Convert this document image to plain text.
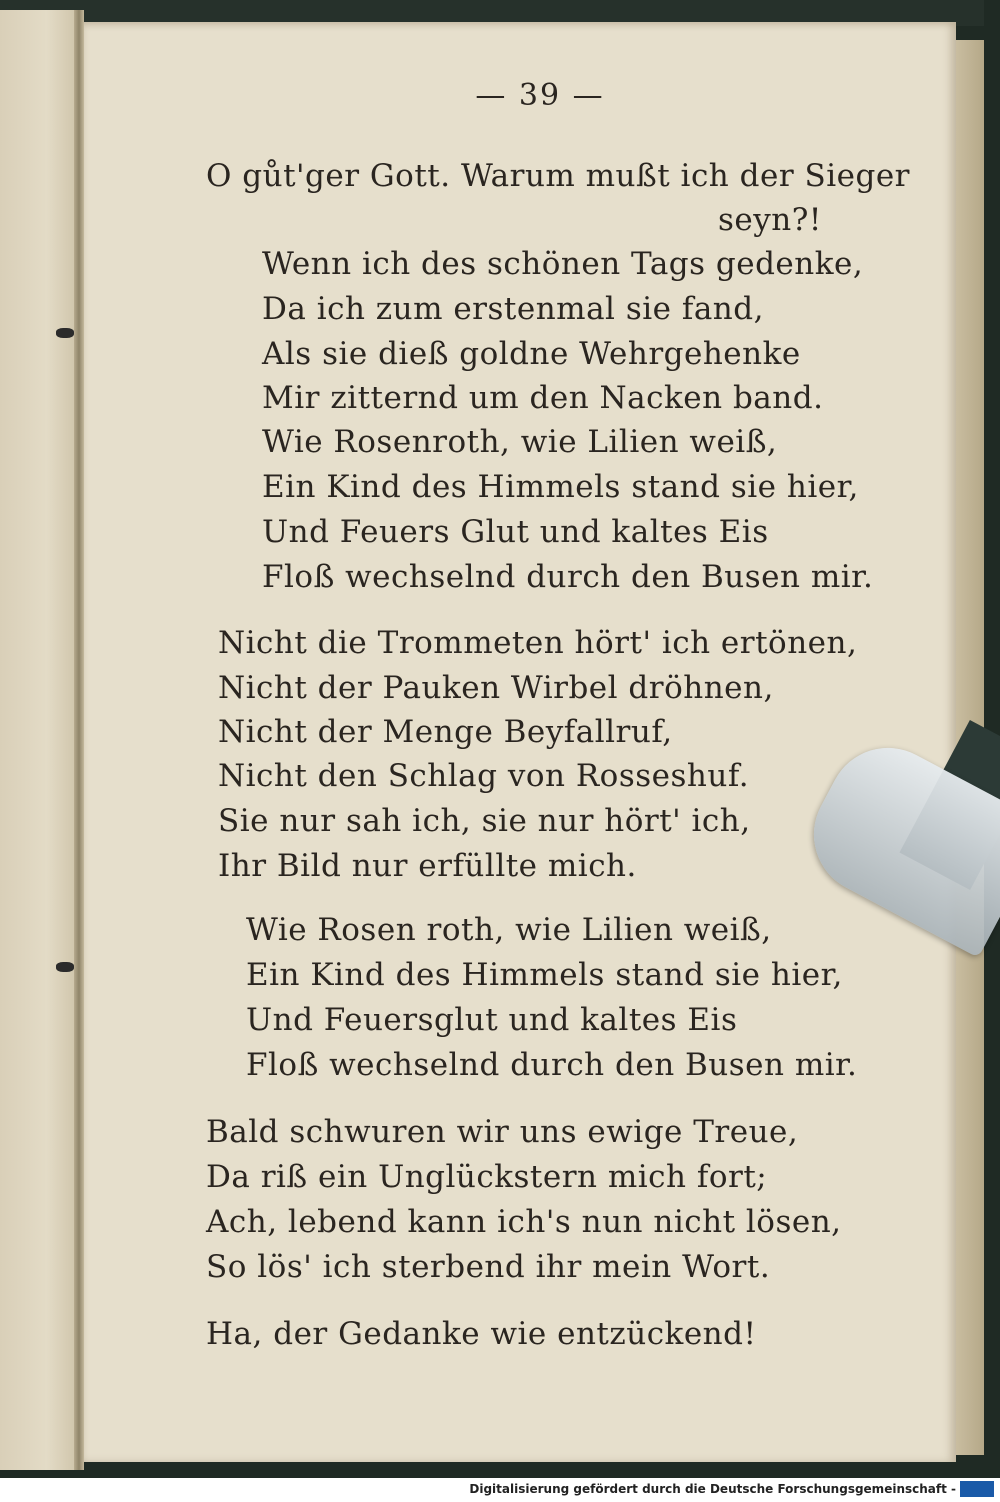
— 39 —
O gůt'ger Gott. Warum mußt ich der Sieger
seyn?!
Wenn ich des schönen Tags gedenke,
Da ich zum erstenmal sie fand,
Als sie dieß goldne Wehrgehenke
Mir zitternd um den Nacken band.
Wie Rosenroth, wie Lilien weiß,
Ein Kind des Himmels stand sie hier,
Und Feuers Glut und kaltes Eis
Floß wechselnd durch den Busen mir.
Nicht die Trommeten hört' ich ertönen,
Nicht der Pauken Wirbel dröhnen,
Nicht der Menge Beyfallruf,
Nicht den Schlag von Rosseshuf.
Sie nur sah ich, sie nur hört' ich,
Ihr Bild nur erfüllte mich.
Wie Rosen roth, wie Lilien weiß,
Ein Kind des Himmels stand sie hier,
Und Feuersglut und kaltes Eis
Floß wechselnd durch den Busen mir.
Bald schwuren wir uns ewige Treue,
Da riß ein Unglückstern mich fort;
Ach, lebend kann ich's nun nicht lösen,
So lös' ich sterbend ihr mein Wort.
Ha, der Gedanke wie entzückend!
Digitalisierung gefördert durch die Deutsche Forschungsgemeinschaft -
